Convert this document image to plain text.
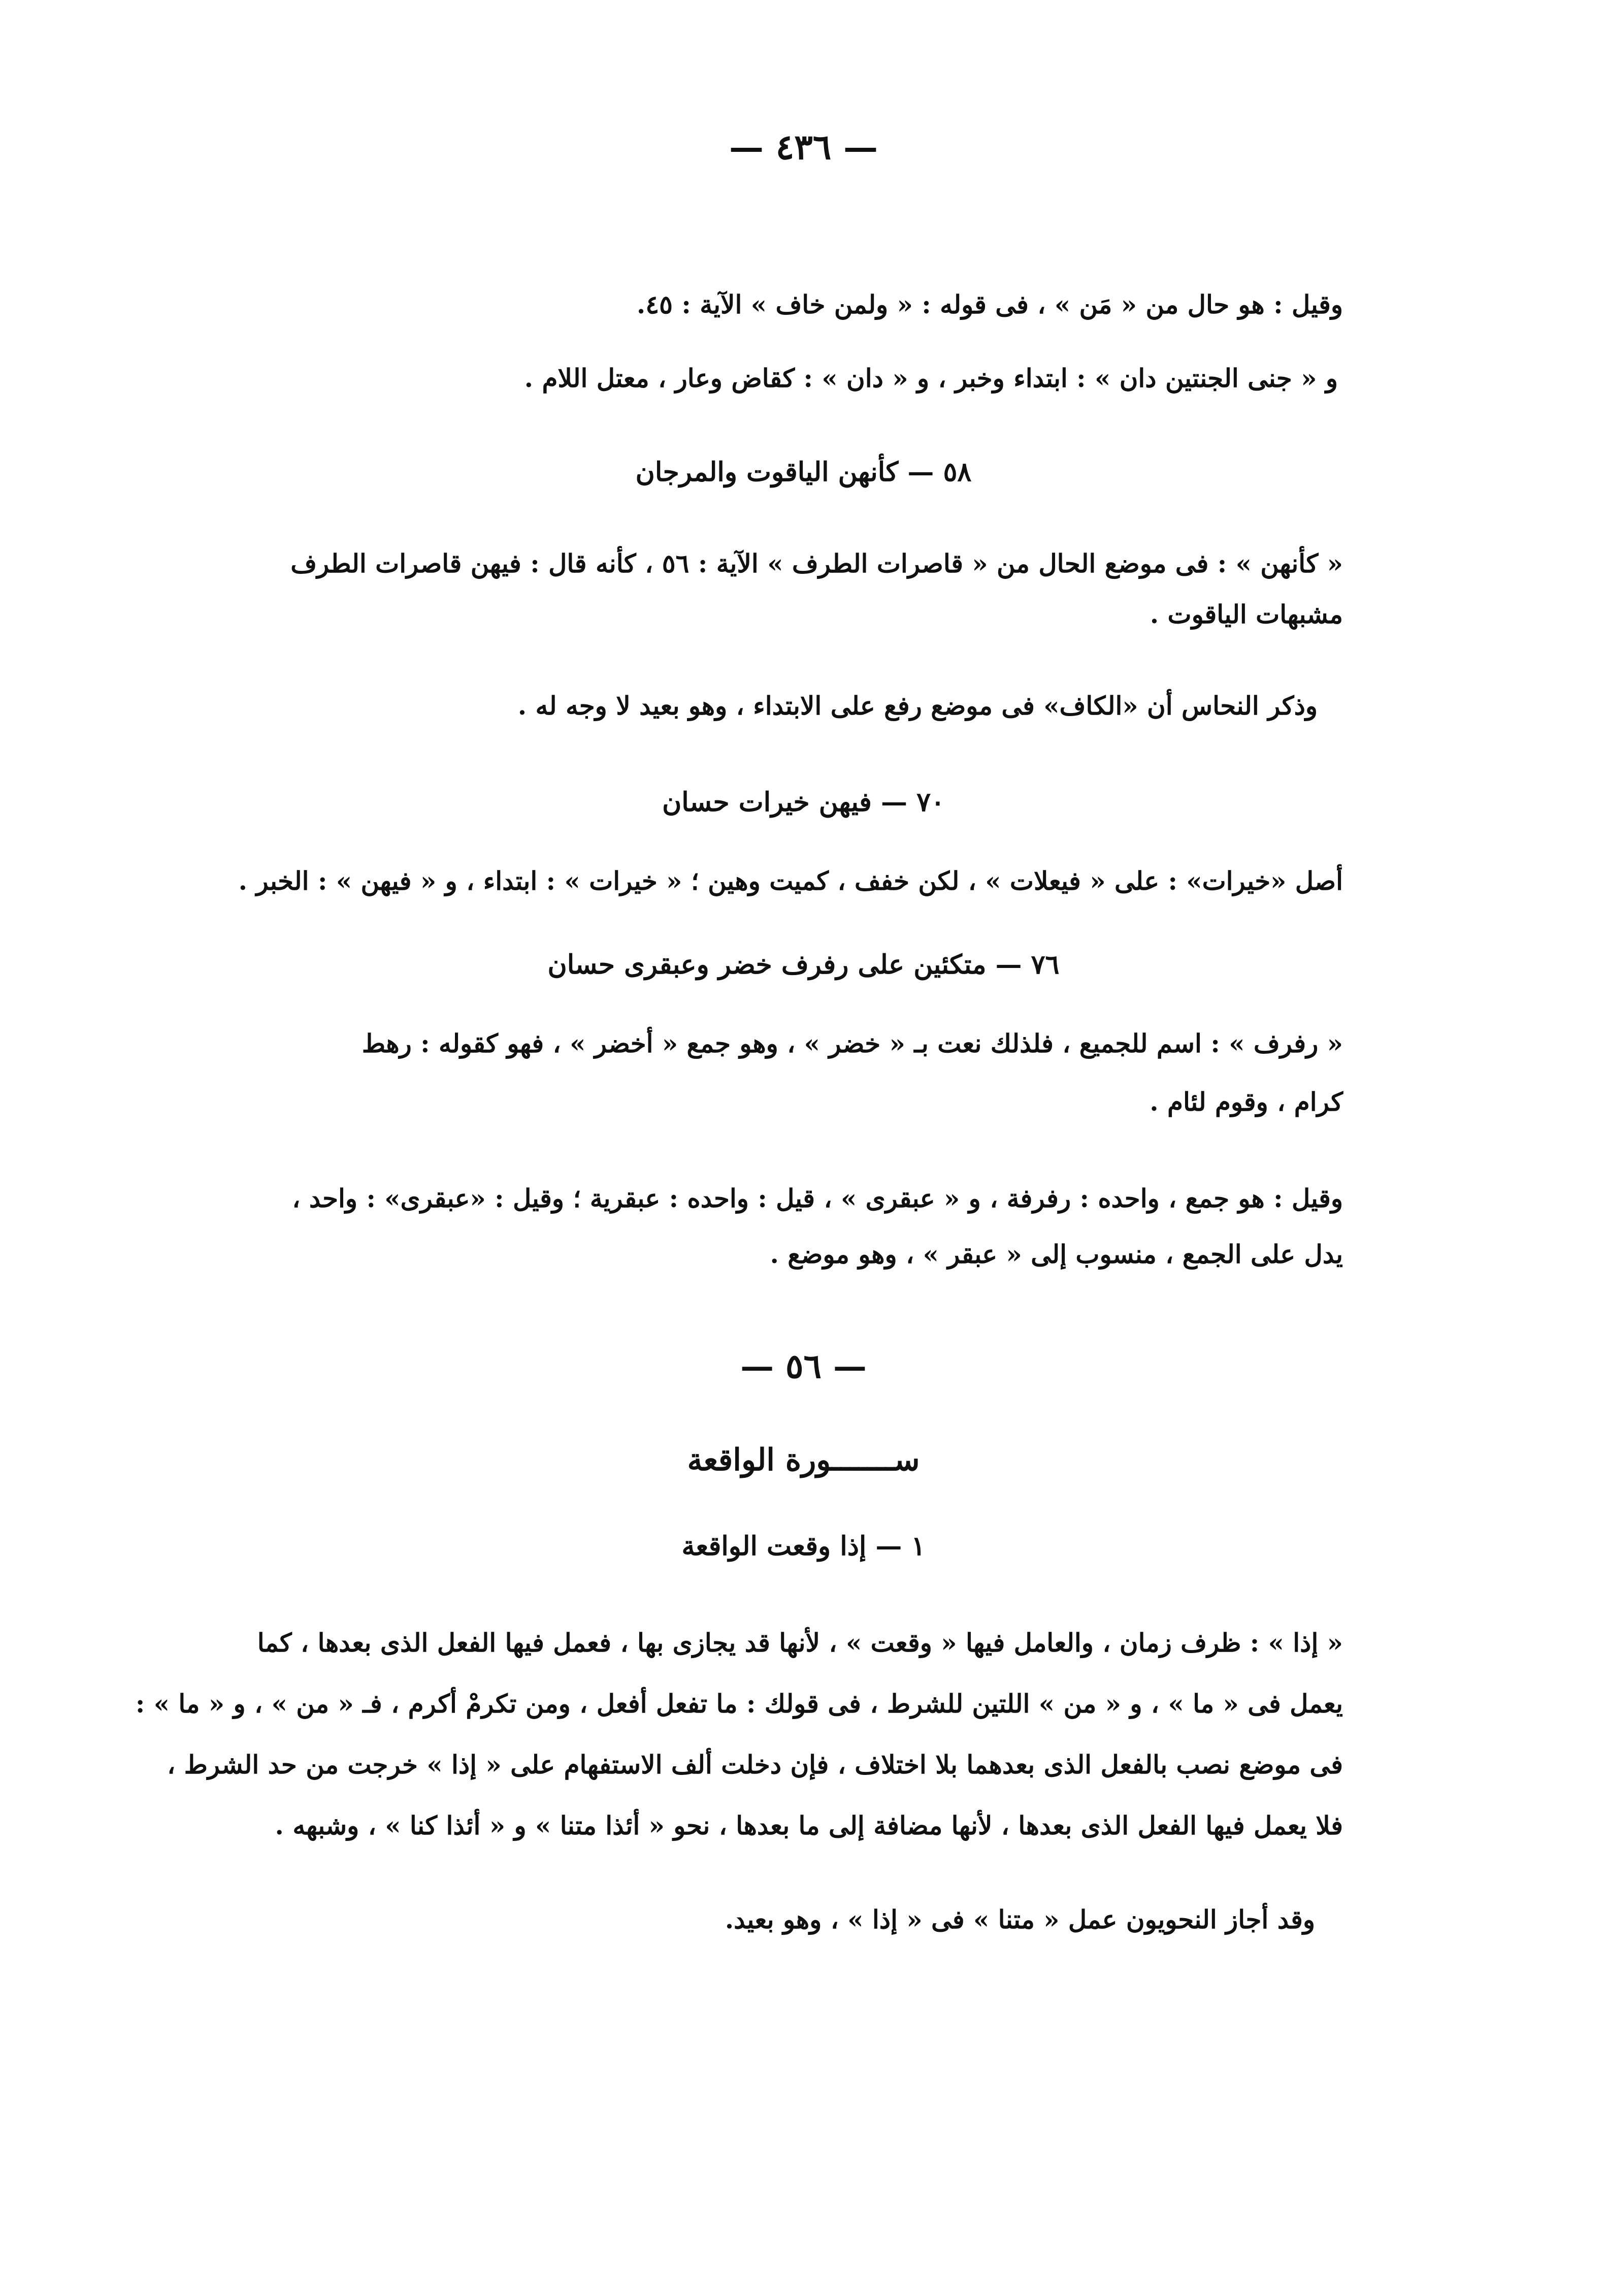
— ٤٣٦ —
وقيل : هو حال من « مَن » ، فى قوله : « ولمن خاف » الآية : ٤٥.
و « جنى الجنتين دان » : ابتداء وخبر ، و « دان » : كقاض وعار ، معتل اللام .
٥٨ — كأنهن الياقوت والمرجان
« كأنهن » : فى موضع الحال من « قاصرات الطرف » الآية : ٥٦ ، كأنه قال : فيهن قاصرات الطرف
مشبهات الياقوت .
وذكر النحاس أن «الكاف» فى موضع رفع على الابتداء ، وهو بعيد لا وجه له .
٧٠ — فيهن خيرات حسان
أصل «خيرات» : على « فيعلات » ، لكن خفف ، كميت وهين ؛ « خيرات » : ابتداء ، و « فيهن » : الخبر .
٧٦ — متكئين على رفرف خضر وعبقرى حسان
« رفرف » : اسم للجميع ، فلذلك نعت بـ « خضر » ، وهو جمع « أخضر » ، فهو كقوله : رهط
كرام ، وقوم لئام .
وقيل : هو جمع ، واحده : رفرفة ، و « عبقرى » ، قيل : واحده : عبقرية ؛ وقيل : «عبقرى» : واحد ،
يدل على الجمع ، منسوب إلى « عبقر » ، وهو موضع .
— ٥٦ —
ســـــــورة الواقعة
١ — إذا وقعت الواقعة
« إذا » : ظرف زمان ، والعامل فيها « وقعت » ، لأنها قد يجازى بها ، فعمل فيها الفعل الذى بعدها ، كما
يعمل فى « ما » ، و « من » اللتين للشرط ، فى قولك : ما تفعل أفعل ، ومن تكرمْ أكرم ، فـ « من » ، و « ما » :
فى موضع نصب بالفعل الذى بعدهما بلا اختلاف ، فإن دخلت ألف الاستفهام على « إذا » خرجت من حد الشرط ،
فلا يعمل فيها الفعل الذى بعدها ، لأنها مضافة إلى ما بعدها ، نحو « أئذا متنا » و « أئذا كنا » ، وشبهه .
وقد أجاز النحويون عمل « متنا » فى « إذا » ، وهو بعيد.
